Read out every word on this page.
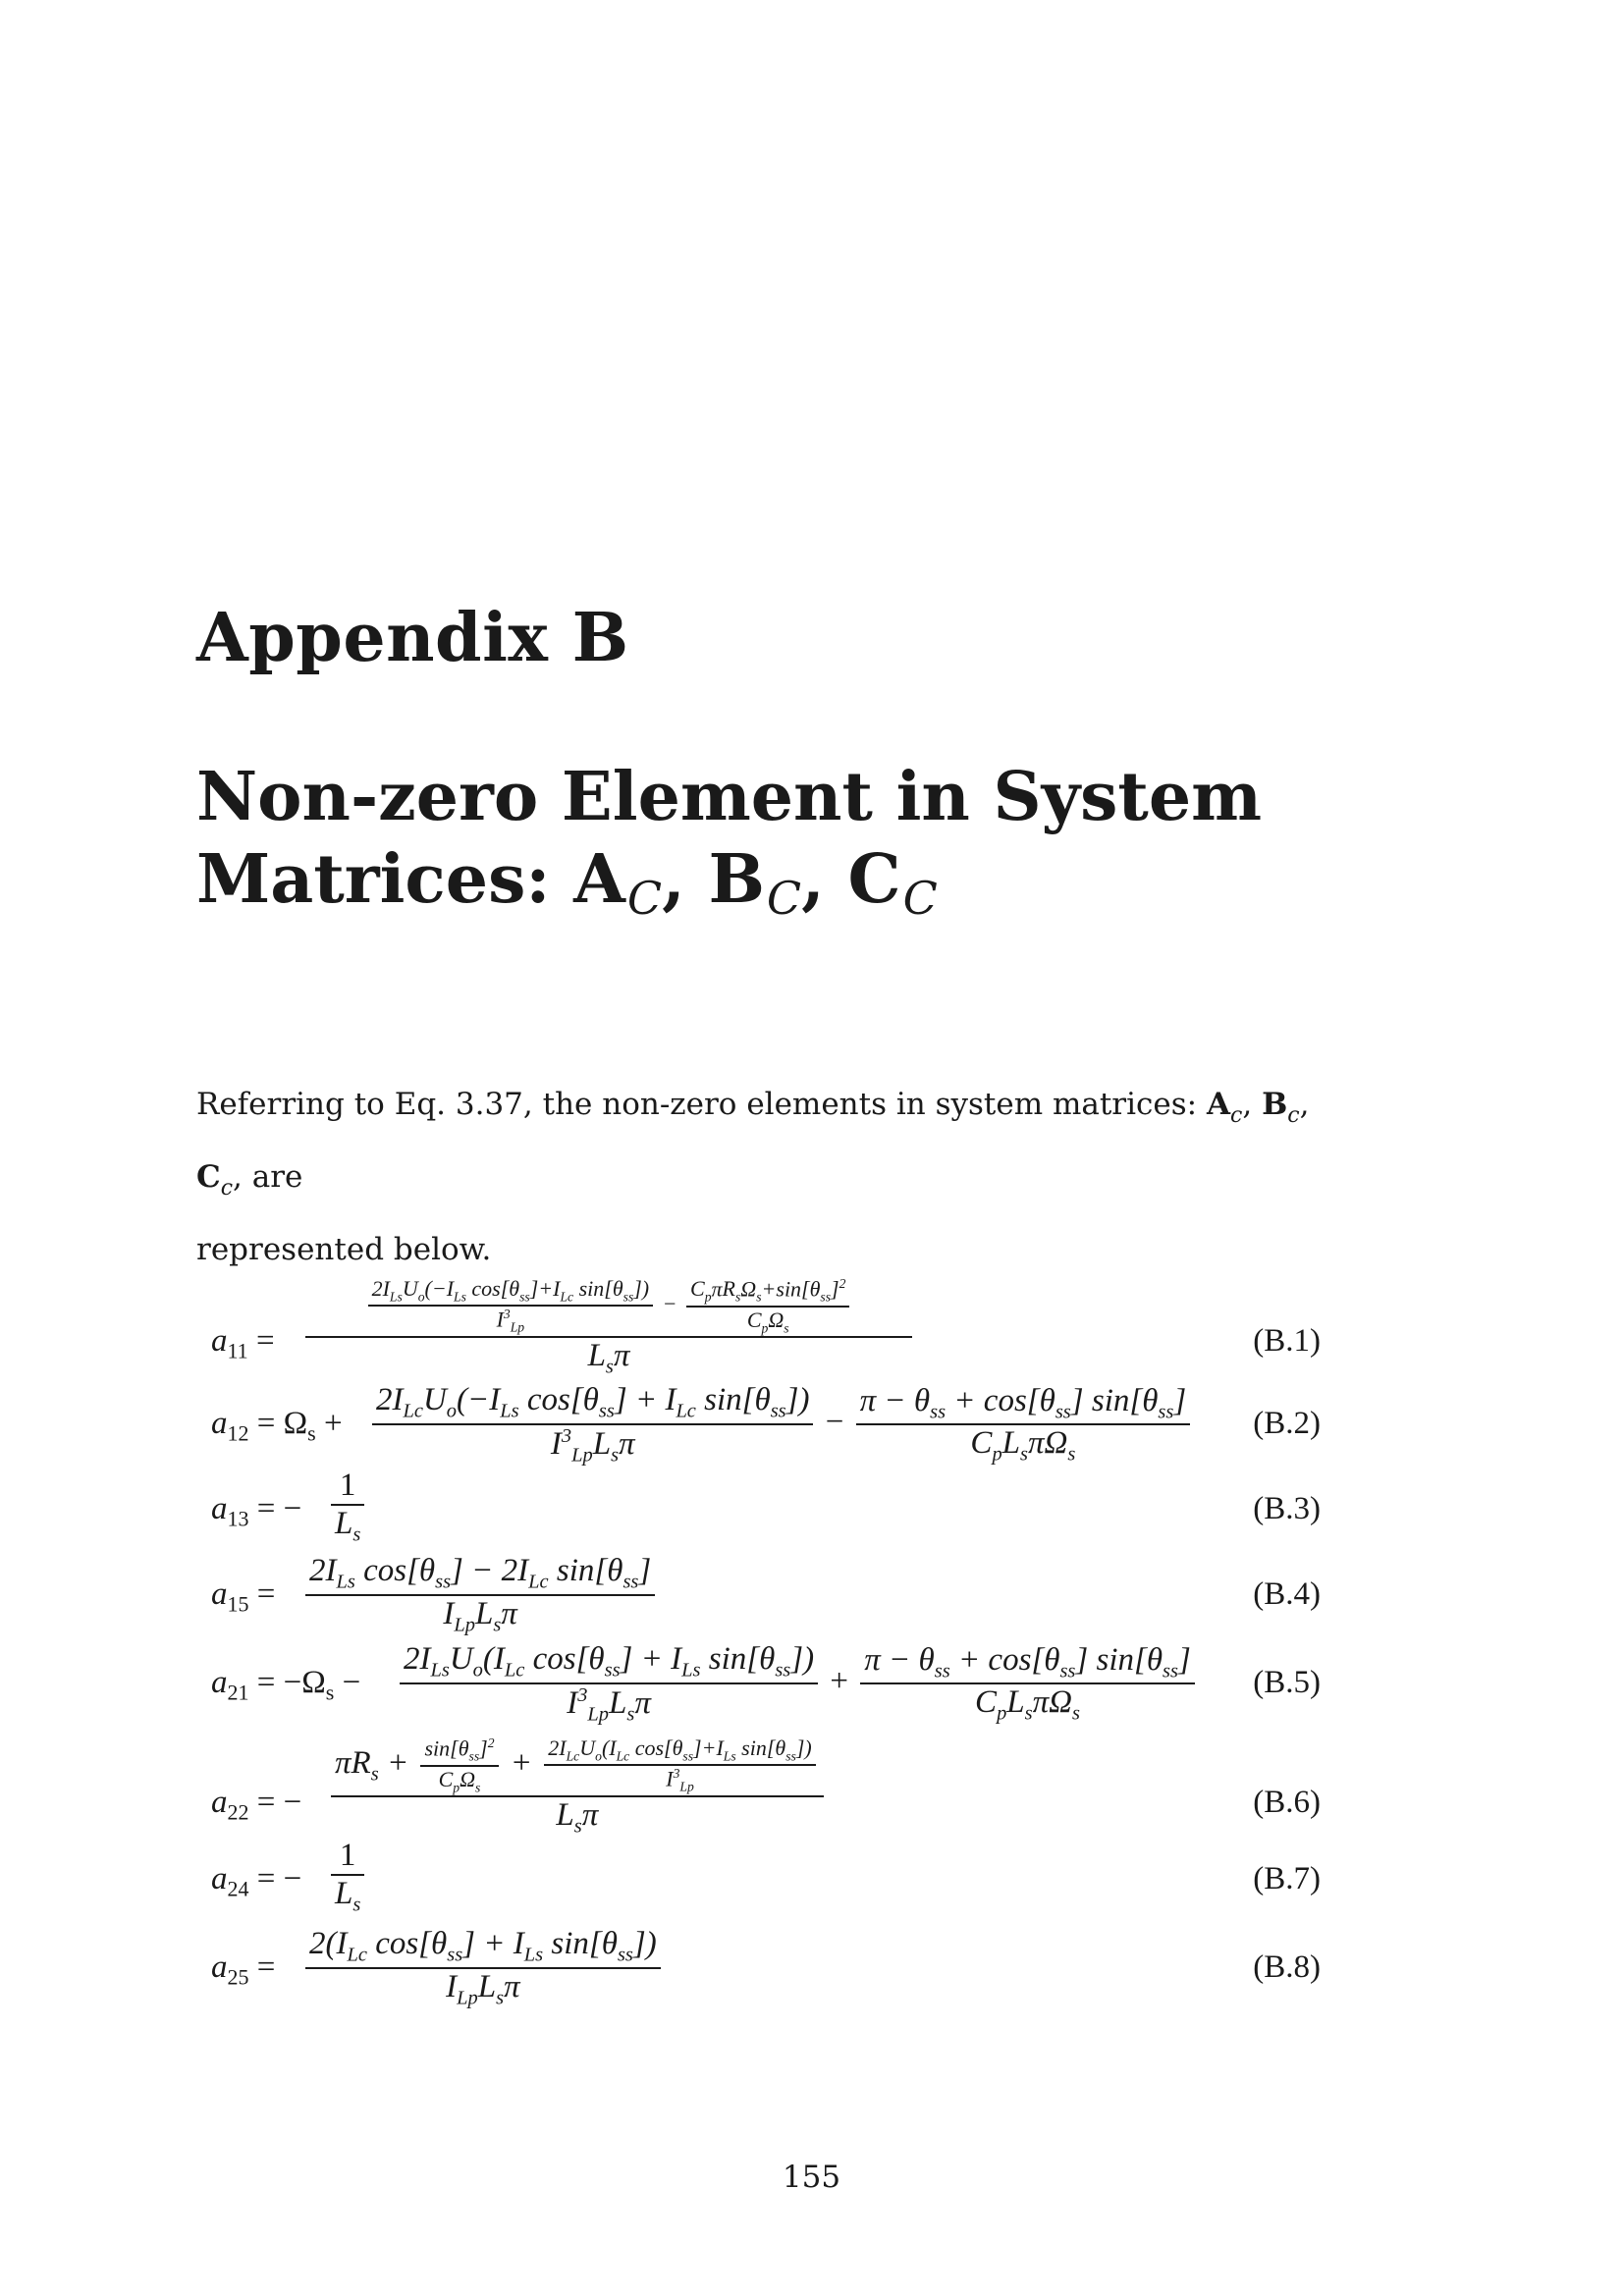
Appendix B
Non-zero Element in System
Matrices: AC, BC, CC
Referring to Eq. 3.37, the non-zero elements in system matrices: $A_c$, $B_c$, $C_c$, are
represented below.
$a_{11}$ =
$\frac{2I_{Ls}U_o(-I_{Ls} \cos[\theta_{ss}]+I_{Lc} \sin[\theta_{ss}])}{I^3_{Lp}} - \frac{C_p\pi R_s\Omega_s+\sin[\theta_{ss}]^2}{C_p\Omega_s}$
$L_s\pi$	(B.1)
$a_{12} = \Omega_s + \frac{2I_{Lc}U_o(-I_{Ls} \cos[\theta_{ss}] + I_{Lc} \sin[\theta_{ss}])}{I^3_{Lp}L_s\pi} - \frac{\pi - \theta_{ss} + \cos[\theta_{ss}] \sin[\theta_{ss}]}{C_pL_s\pi\Omega_s} (B.2)$
$a_{13}$ = − $\frac{1}{L_s}$	(B.3)
$a_{15} = \frac{2I_{Ls} \cos[\theta_{ss}] - 2I_{Lc} \sin[\theta_{ss}]}{I_{Lp}L_s\pi}$	(B.4)
$a_{21} = -\Omega_s - \frac{2I_{Ls}U_o(I_{Lc} \cos[\theta_{ss}] + I_{Ls} \sin[\theta_{ss}])}{I^3_{Lp}L_s\pi} + \frac{\pi - \theta_{ss} + \cos[\theta_{ss}] \sin[\theta_{ss}]}{C_pL_s\pi\Omega_s} (B.5)$
$a_{22}$ = −
$\pi R_s + \frac{\sin[\theta_{ss}]^2}{C_p\Omega_s} + \frac{2I_{Lc}U_o(I_{Lc} \cos[\theta_{ss}]+I_{Ls} \sin[\theta_{ss}])}{I^3_{Lp}}$
$L_s\pi$	(B.6)
$a_{24}$ = − $\frac{1}{L_s}$	(B.7)
$a_{25} = \frac{2(I_{Lc} \cos[\theta_{ss}] + I_{Ls} \sin[\theta_{ss}])}{I_{Lp}L_s\pi}$	(B.8)
155
